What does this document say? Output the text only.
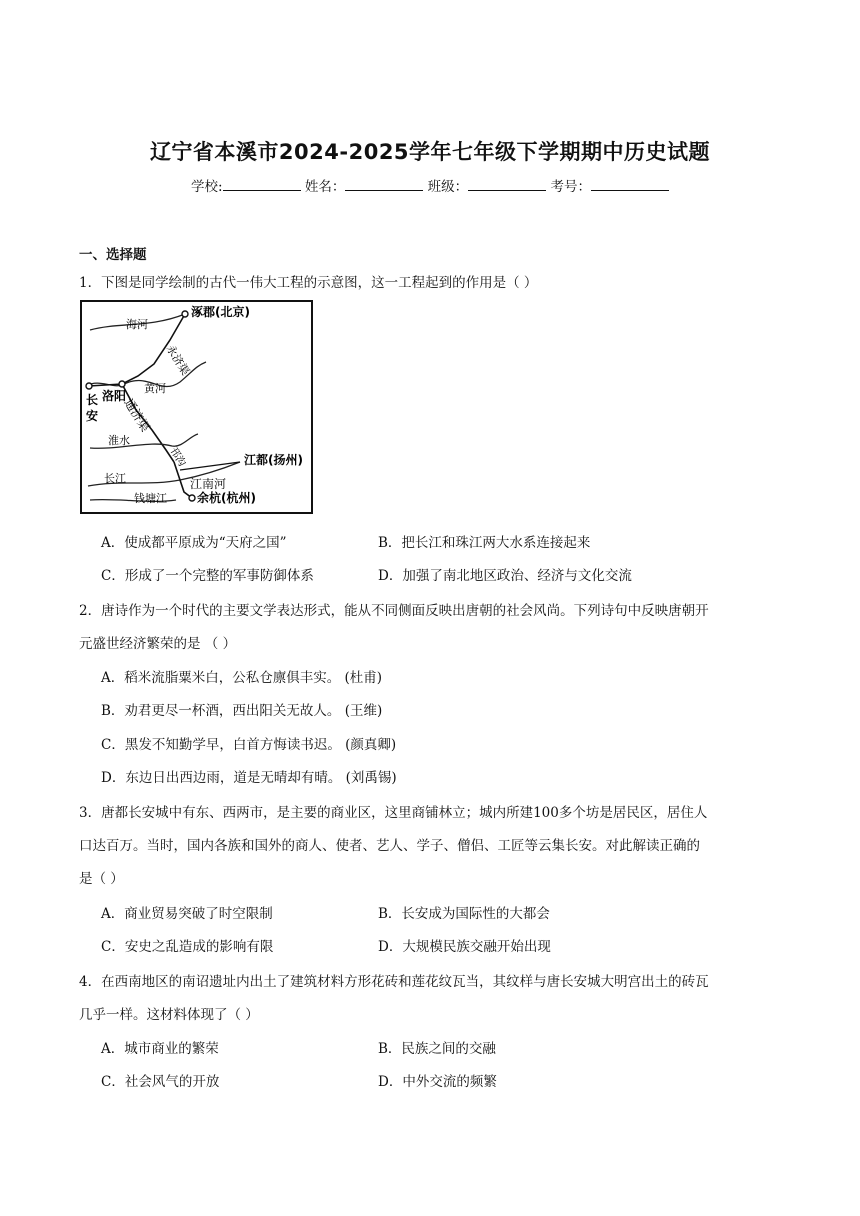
辽宁省本溪市2024-2025学年七年级下学期期中历史试题
学校:	姓名：	班级：	考号：
一、选择题
1．下图是同学绘制的古代一伟大工程的示意图，这一工程起到的作用是（ ）
涿郡(北京)
海河
永济渠
黄河
洛阳
长
安 通济渠
淮水
邗沟	江都(扬州)
长江	江南河
钱塘江	余杭(杭州)
A．使成都平原成为“天府之国”	B．把长江和珠江两大水系连接起来
C．形成了一个完整的军事防御体系	D．加强了南北地区政治、经济与文化交流
2．唐诗作为一个时代的主要文学表达形式，能从不同侧面反映出唐朝的社会风尚。下列诗句中反映唐朝开
元盛世经济繁荣的是 （ ）
A．稻米流脂粟米白，公私仓廪俱丰实。 (杜甫)
B．劝君更尽一杯酒，西出阳关无故人。 (王维)
C．黑发不知勤学早，白首方悔读书迟。 (颜真卿)
D．东边日出西边雨，道是无晴却有晴。 (刘禹锡)
3．唐都长安城中有东、西两市，是主要的商业区，这里商铺林立；城内所建100多个坊是居民区，居住人
口达百万。当时，国内各族和国外的商人、使者、艺人、学子、僧侣、工匠等云集长安。对此解读正确的
是（ ）
A．商业贸易突破了时空限制	B．长安成为国际性的大都会
C．安史之乱造成的影响有限	D．大规模民族交融开始出现
4．在西南地区的南诏遗址内出土了建筑材料方形花砖和莲花纹瓦当，其纹样与唐长安城大明宫出土的砖瓦
几乎一样。这材料体现了（ ）
A．城市商业的繁荣	B．民族之间的交融
C．社会风气的开放	D．中外交流的频繁
